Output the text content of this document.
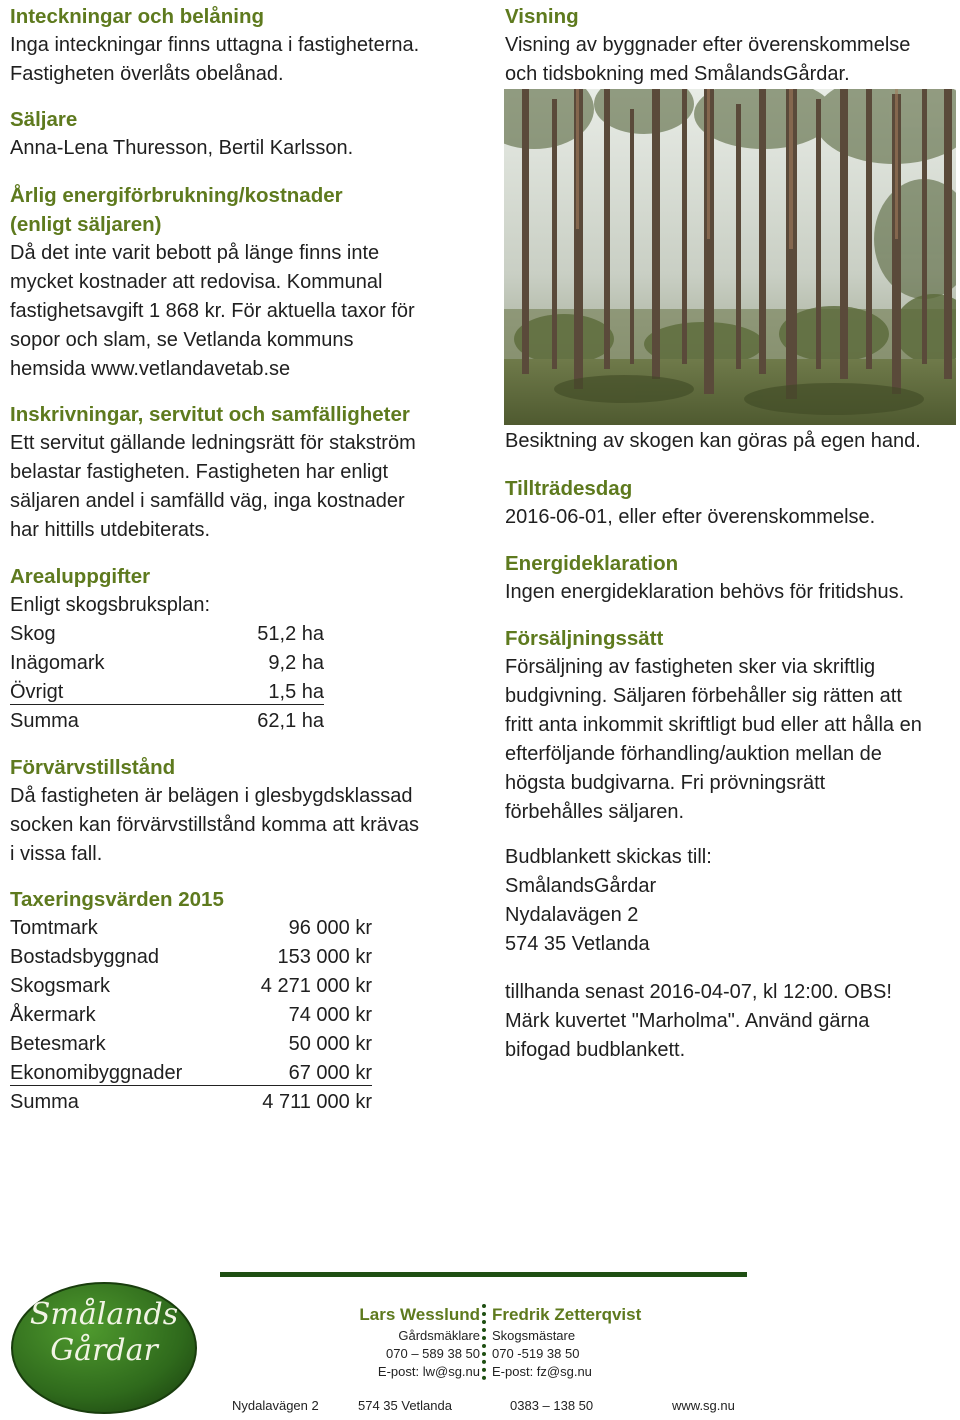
Inteckningar och belåning

Inga inteckningar finns uttagna i fastigheterna.

Fastigheten överlåts obelånad.

Säljare

Anna-Lena Thuresson, Bertil Karlsson.

Årlig energiförbrukning/kostnader

(enligt säljaren)

Då det inte varit bebott på länge finns inte

mycket kostnader att redovisa. Kommunal

fastighetsavgift 1 868 kr. För aktuella taxor för

sopor och slam, se Vetlanda kommuns

hemsida www.vetlandavetab.se

Inskrivningar, servitut och samfälligheter

Ett servitut gällande ledningsrätt för stakström

belastar fastigheten. Fastigheten har enligt

säljaren andel i samfälld väg, inga kostnader

har hittills utdebiterats.

Arealuppgifter

Enligt skogsbruksplan:

Skog	51,2 ha
Inägomark	9,2 ha
Övrigt	1,5 ha
Summa	62,1 ha

Förvärvstillstånd

Då fastigheten är belägen i glesbygdsklassad

socken kan förvärvstillstånd komma att krävas

i vissa fall.

Taxeringsvärden 2015

Tomtmark	96 000 kr
Bostadsbyggnad	153 000 kr
Skogsmark	4 271 000 kr
Åkermark	74 000 kr
Betesmark	50 000 kr
Ekonomibyggnader	67 000 kr
Summa	4 711 000 kr

Visning

Visning av byggnader efter överenskommelse

och tidsbokning med SmålandsGårdar.

Besiktning av skogen kan göras på egen hand.

Tillträdesdag

2016-06-01, eller efter överenskommelse.

Energideklaration

Ingen energideklaration behövs för fritidshus.

Försäljningssätt

Försäljning av fastigheten sker via skriftlig

budgivning. Säljaren förbehåller sig rätten att

fritt anta inkommit skriftligt bud eller att hålla en

efterföljande förhandling/auktion mellan de

högsta budgivarna. Fri prövningsrätt

förbehålles säljaren.

Budblankett skickas till:

SmålandsGårdar

Nydalavägen 2

574 35 Vetlanda

tillhanda senast 2016-04-07, kl 12:00. OBS!

Märk kuvertet "Marholma". Använd gärna

bifogad budblankett.

Smålands
Gårdar
Lars Wesslund
Gårdsmäklare
070 – 589 38 50
E-post: lw@sg.nu
Fredrik Zetterqvist
Skogsmästare
070 -519 38 50
E-post: fz@sg.nu
Nydalavägen 2	574 35 Vetlanda	0383 – 138 50	www.sg.nu
